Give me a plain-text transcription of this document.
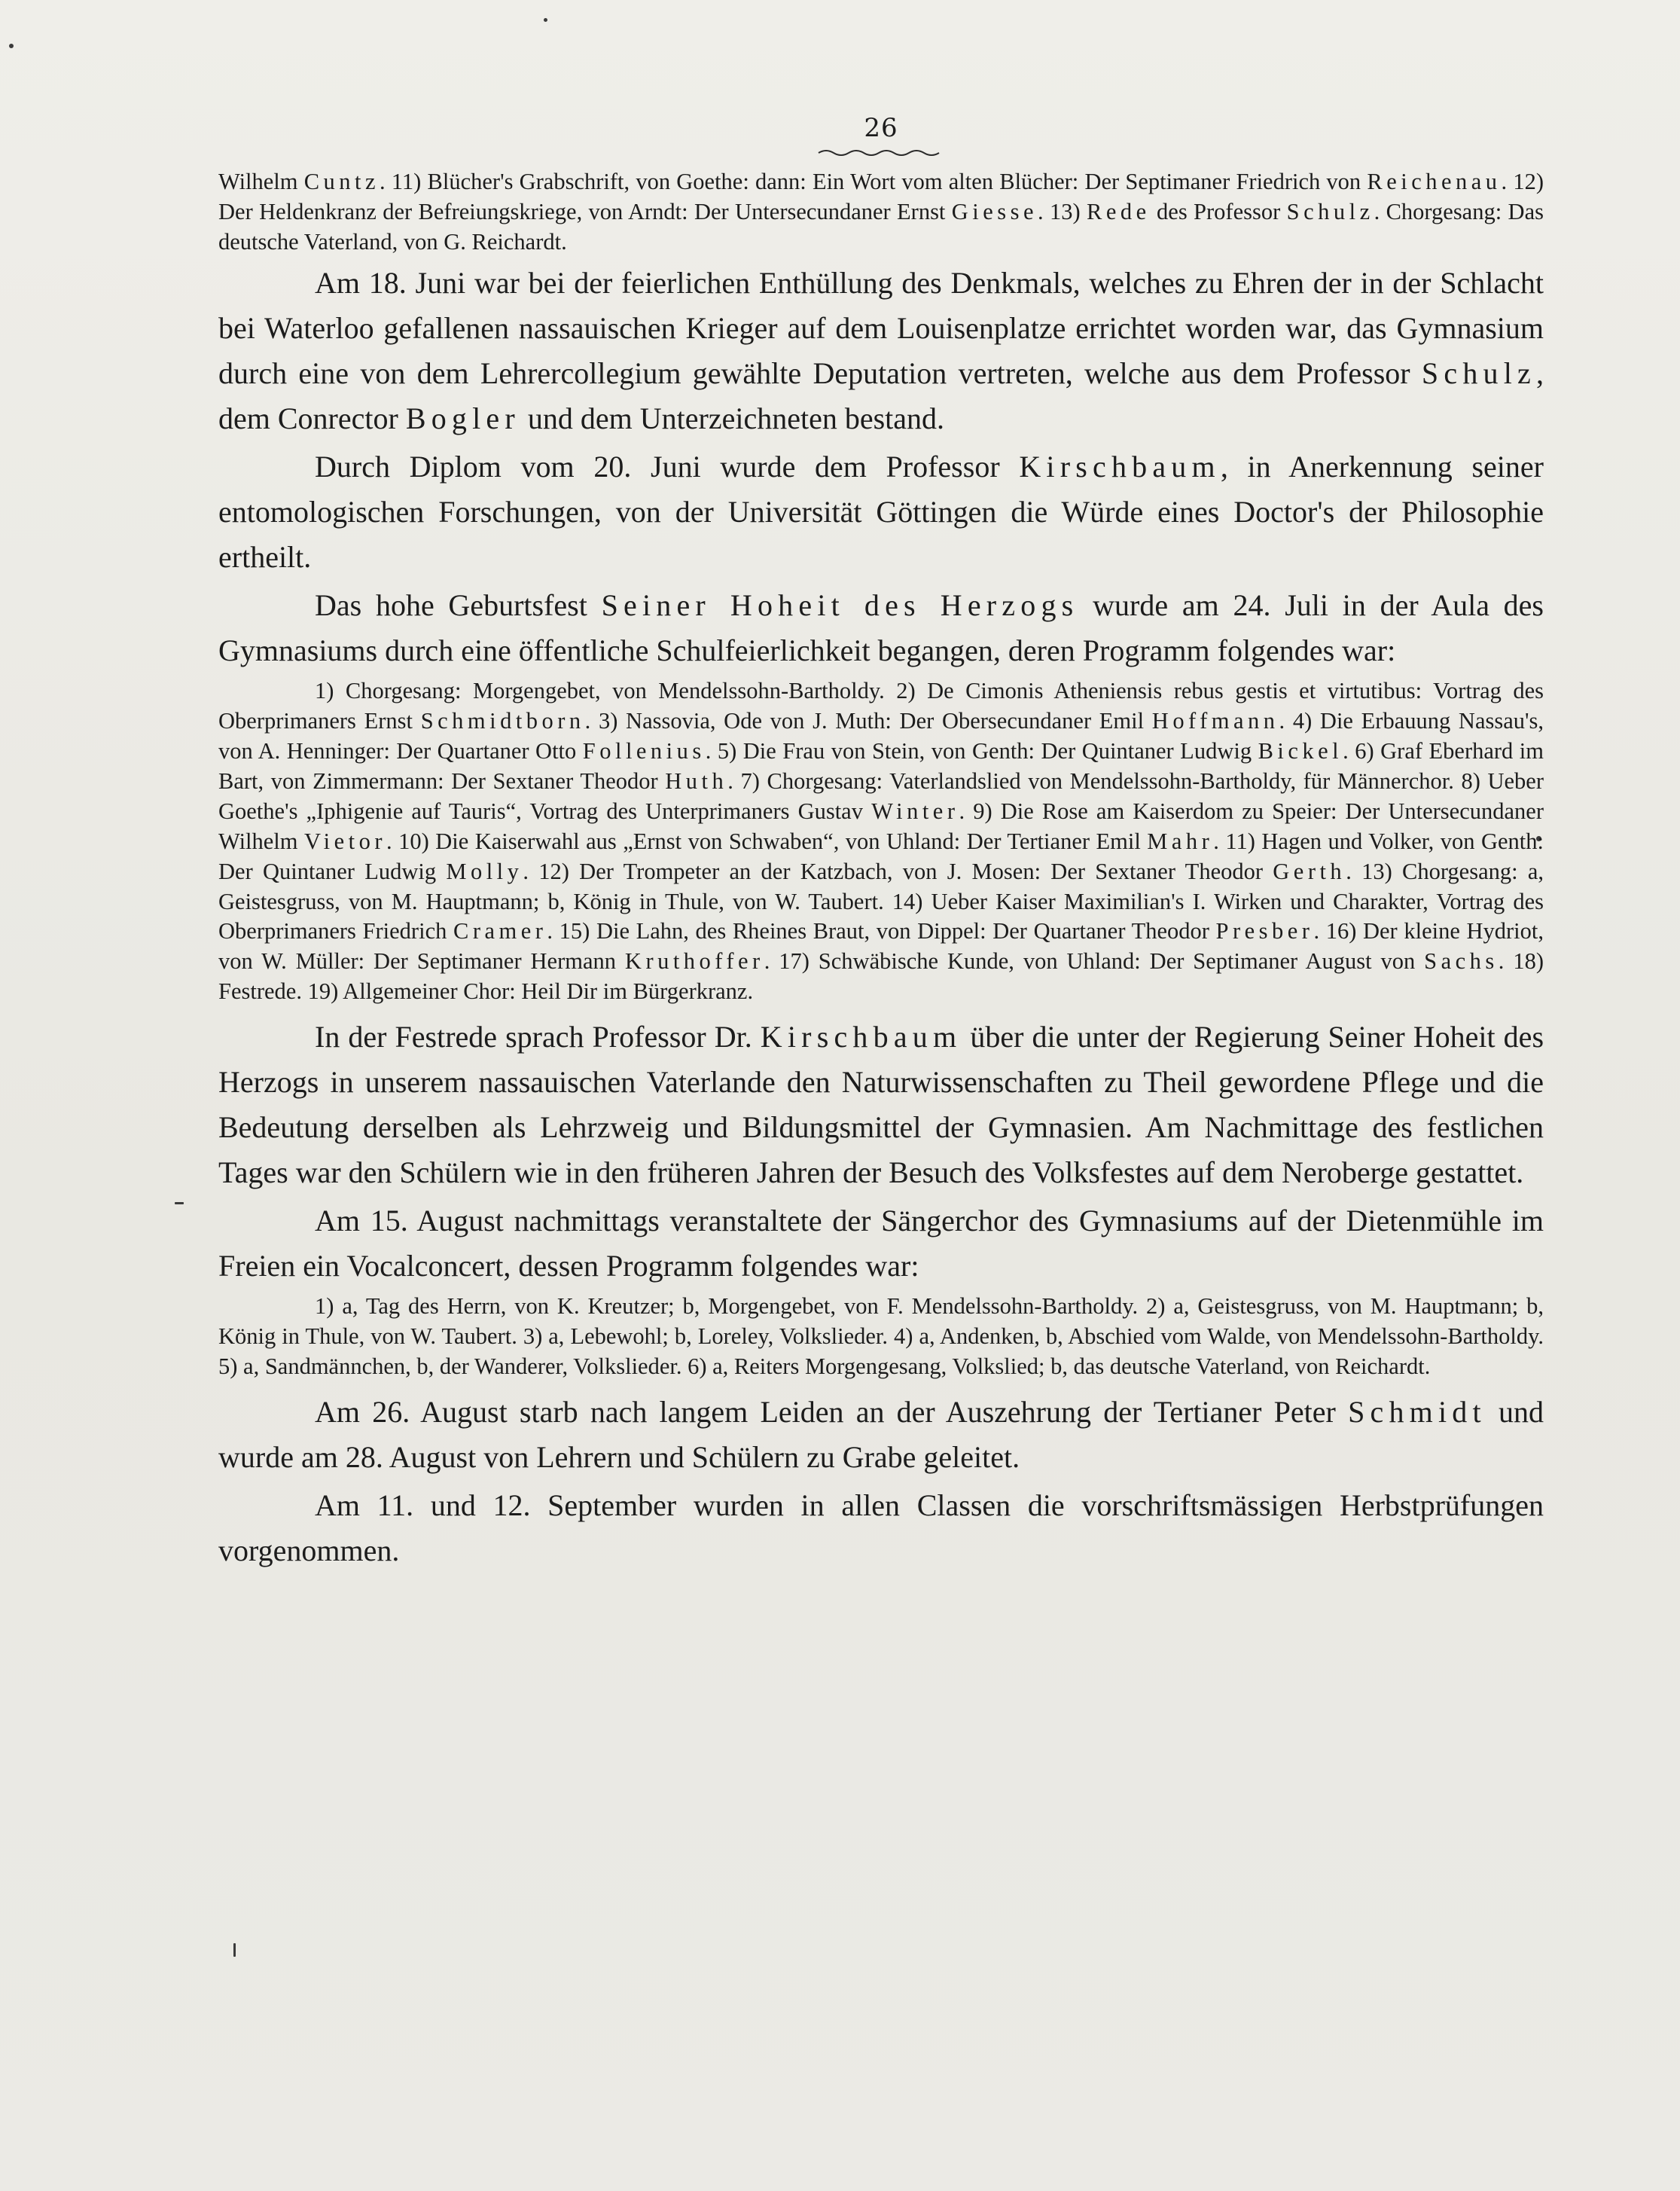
26

Wilhelm Cuntz. 11) Blücher's Grabschrift, von Goethe: dann: Ein Wort vom alten Blücher: Der Septimaner Friedrich von Reichenau. 12) Der Heldenkranz der Befreiungskriege, von Arndt: Der Untersecundaner Ernst Giesse. 13) Rede des Professor Schulz. Chorgesang: Das deutsche Vaterland, von G. Reichardt.

Am 18. Juni war bei der feierlichen Enthüllung des Denkmals, welches zu Ehren der in der Schlacht bei Waterloo gefallenen nassauischen Krieger auf dem Louisenplatze errichtet worden war, das Gymnasium durch eine von dem Lehrercollegium gewählte Deputation vertreten, welche aus dem Professor Schulz, dem Conrector Bogler und dem Unterzeichneten bestand.

Durch Diplom vom 20. Juni wurde dem Professor Kirschbaum, in Anerkennung seiner entomologischen Forschungen, von der Universität Göttingen die Würde eines Doctor's der Philosophie ertheilt.

Das hohe Geburtsfest Seiner Hoheit des Herzogs wurde am 24. Juli in der Aula des Gymnasiums durch eine öffentliche Schulfeierlichkeit begangen, deren Programm folgendes war:

1) Chorgesang: Morgengebet, von Mendelssohn-Bartholdy. 2) De Cimonis Atheniensis rebus gestis et virtutibus: Vortrag des Oberprimaners Ernst Schmidtborn. 3) Nassovia, Ode von J. Muth: Der Obersecundaner Emil Hoffmann. 4) Die Erbauung Nassau's, von A. Henninger: Der Quartaner Otto Follenius. 5) Die Frau von Stein, von Genth: Der Quintaner Ludwig Bickel. 6) Graf Eberhard im Bart, von Zimmermann: Der Sextaner Theodor Huth. 7) Chorgesang: Vaterlandslied von Mendelssohn-Bartholdy, für Männerchor. 8) Ueber Goethe's „Iphigenie auf Tauris“, Vortrag des Unterprimaners Gustav Winter. 9) Die Rose am Kaiserdom zu Speier: Der Untersecundaner Wilhelm Vietor. 10) Die Kaiserwahl aus „Ernst von Schwaben“, von Uhland: Der Tertianer Emil Mahr. 11) Hagen und Volker, von Genth: Der Quintaner Ludwig Molly. 12) Der Trompeter an der Katzbach, von J. Mosen: Der Sextaner Theodor Gerth. 13) Chorgesang: a, Geistesgruss, von M. Hauptmann; b, König in Thule, von W. Taubert. 14) Ueber Kaiser Maximilian's I. Wirken und Charakter, Vortrag des Oberprimaners Friedrich Cramer. 15) Die Lahn, des Rheines Braut, von Dippel: Der Quartaner Theodor Presber. 16) Der kleine Hydriot, von W. Müller: Der Septimaner Hermann Kruthoffer. 17) Schwäbische Kunde, von Uhland: Der Septimaner August von Sachs. 18) Festrede. 19) Allgemeiner Chor: Heil Dir im Bürgerkranz.

In der Festrede sprach Professor Dr. Kirschbaum über die unter der Regierung Seiner Hoheit des Herzogs in unserem nassauischen Vaterlande den Naturwissenschaften zu Theil gewordene Pflege und die Bedeutung derselben als Lehrzweig und Bildungsmittel der Gymnasien. Am Nachmittage des festlichen Tages war den Schülern wie in den früheren Jahren der Besuch des Volksfestes auf dem Neroberge gestattet.

Am 15. August nachmittags veranstaltete der Sängerchor des Gymnasiums auf der Dietenmühle im Freien ein Vocalconcert, dessen Programm folgendes war:

1) a, Tag des Herrn, von K. Kreutzer; b, Morgengebet, von F. Mendelssohn-Bartholdy. 2) a, Geistesgruss, von M. Hauptmann; b, König in Thule, von W. Taubert. 3) a, Lebewohl; b, Loreley, Volkslieder. 4) a, Andenken, b, Abschied vom Walde, von Mendelssohn-Bartholdy. 5) a, Sandmännchen, b, der Wanderer, Volkslieder. 6) a, Reiters Morgengesang, Volkslied; b, das deutsche Vaterland, von Reichardt.

Am 26. August starb nach langem Leiden an der Auszehrung der Tertianer Peter Schmidt und wurde am 28. August von Lehrern und Schülern zu Grabe geleitet.

Am 11. und 12. September wurden in allen Classen die vorschriftsmässigen Herbstprüfungen vorgenommen.
